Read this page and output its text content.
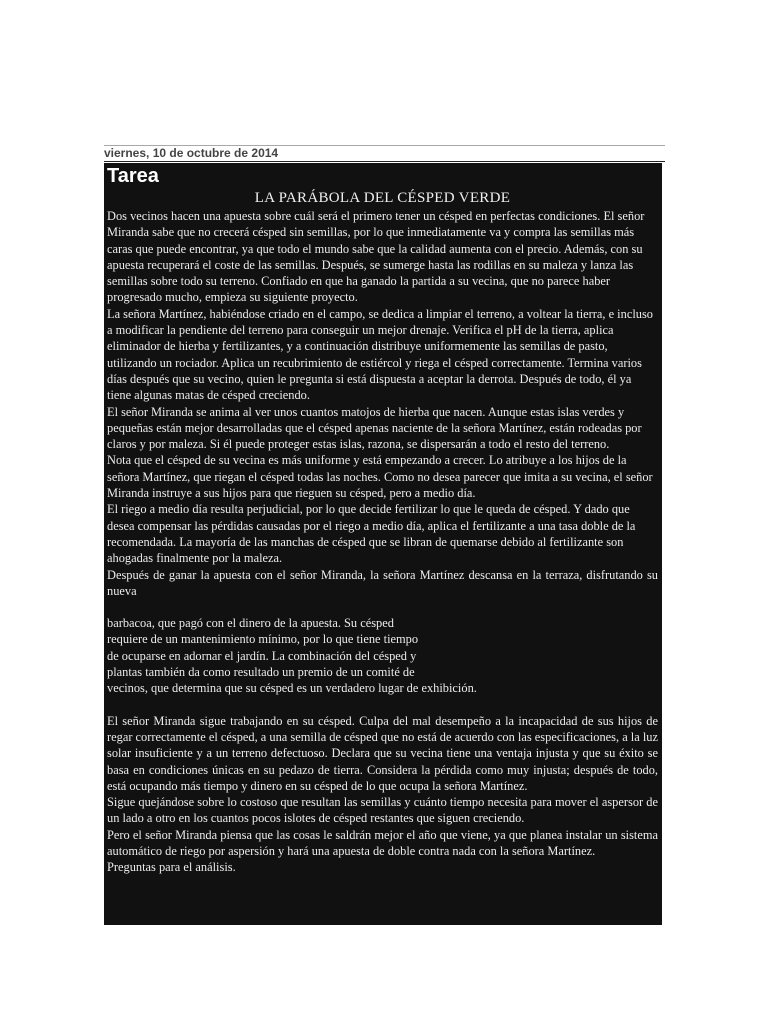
viernes, 10 de octubre de 2014
Tarea
LA PARÁBOLA DEL CÉSPED VERDE

Dos vecinos hacen una apuesta sobre cuál será el primero tener un césped en perfectas condiciones. El señor Miranda sabe que no crecerá césped sin semillas, por lo que inmediatamente va y compra las semillas más caras que puede encontrar, ya que todo el mundo sabe que la calidad aumenta con el precio. Además, con su apuesta recuperará el coste de las semillas. Después, se sumerge hasta las rodillas en su maleza y lanza las semillas sobre todo su terreno. Confiado en que ha ganado la partida a su vecina, que no parece haber progresado mucho, empieza su siguiente proyecto.

La señora Martínez, habiéndose criado en el campo, se dedica a limpiar el terreno, a voltear la tierra, e incluso a modificar la pendiente del terreno para conseguir un mejor drenaje. Verifica el pH de la tierra, aplica eliminador de hierba y fertilizantes, y a continuación distribuye uniformemente las semillas de pasto, utilizando un rociador. Aplica un recubrimiento de estiércol y riega el césped correctamente. Termina varios días después que su vecino, quien le pregunta si está dispuesta a aceptar la derrota. Después de todo, él ya tiene algunas matas de césped creciendo.

El señor Miranda se anima al ver unos cuantos matojos de hierba que nacen. Aunque estas islas verdes y pequeñas están mejor desarrolladas que el césped apenas naciente de la señora Martínez, están rodeadas por claros y por maleza. Si él puede proteger estas islas, razona, se dispersarán a todo el resto del terreno.

Nota que el césped de su vecina es más uniforme y está empezando a crecer. Lo atribuye a los hijos de la señora Martínez, que riegan el césped todas las noches. Como no desea parecer que imita a su vecina, el señor Miranda instruye a sus hijos para que rieguen su césped, pero a medio día.

El riego a medio día resulta perjudicial, por lo que decide fertilizar lo que le queda de césped. Y dado que desea compensar las pérdidas causadas por el riego a medio día, aplica el fertilizante a una tasa doble de la recomendada. La mayoría de las manchas de césped que se libran de quemarse debido al fertilizante son ahogadas finalmente por la maleza.

Después de ganar la apuesta con el señor Miranda, la señora Martínez descansa en la terraza, disfrutando su nueva

barbacoa, que pagó con el dinero de la apuesta. Su césped

requiere de un mantenimiento mínimo, por lo que tiene tiempo

de ocuparse en adornar el jardín. La combinación del césped y

plantas también da como resultado un premio de un comité de

vecinos, que determina que su césped es un verdadero lugar de exhibición.

El señor Miranda sigue trabajando en su césped. Culpa del mal desempeño a la incapacidad de sus hijos de regar correctamente el césped, a una semilla de césped que no está de acuerdo con las especificaciones, a la luz solar insuficiente y a un terreno defectuoso. Declara que su vecina tiene una ventaja injusta y que su éxito se basa en condiciones únicas en su pedazo de tierra. Considera la pérdida como muy injusta; después de todo, está ocupando más tiempo y dinero en su césped de lo que ocupa la señora Martínez.

Sigue quejándose sobre lo costoso que resultan las semillas y cuánto tiempo necesita para mover el aspersor de un lado a otro en los cuantos pocos islotes de césped restantes que siguen creciendo.

Pero el señor Miranda piensa que las cosas le saldrán mejor el año que viene, ya que planea instalar un sistema automático de riego por aspersión y hará una apuesta de doble contra nada con la señora Martínez.

Preguntas para el análisis.
